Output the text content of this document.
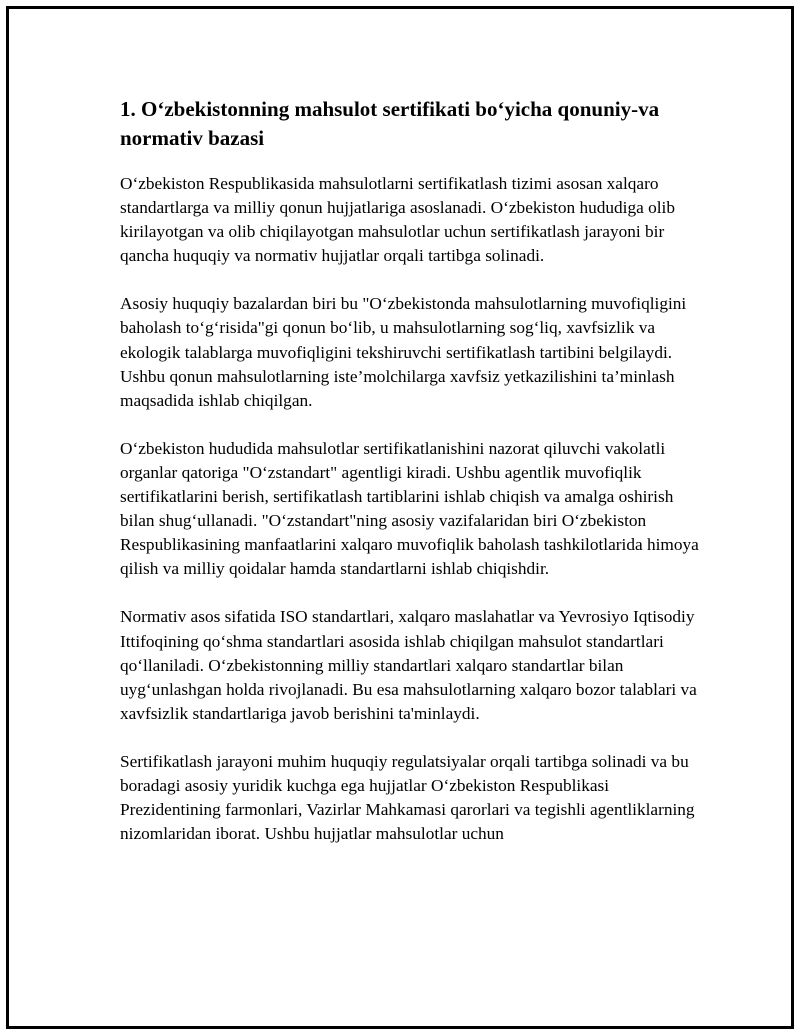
1. O‘zbekistonning mahsulot sertifikati bo‘yicha qonuniy-va normativ bazasi

O‘zbekiston Respublikasida mahsulotlarni sertifikatlash tizimi asosan xalqaro standartlarga va milliy qonun hujjatlariga asoslanadi. O‘zbekiston hududiga olib kirilayotgan va olib chiqilayotgan mahsulotlar uchun sertifikatlash jarayoni bir qancha huquqiy va normativ hujjatlar orqali tartibga solinadi.

Asosiy huquqiy bazalardan biri bu "O‘zbekistonda mahsulotlarning muvofiqligini baholash to‘g‘risida"gi qonun bo‘lib, u mahsulotlarning sog‘liq, xavfsizlik va ekologik talablarga muvofiqligini tekshiruvchi sertifikatlash tartibini belgilaydi. Ushbu qonun mahsulotlarning iste’molchilarga xavfsiz yetkazilishini ta’minlash maqsadida ishlab chiqilgan.

O‘zbekiston hududida mahsulotlar sertifikatlanishini nazorat qiluvchi vakolatli organlar qatoriga "O‘zstandart" agentligi kiradi. Ushbu agentlik muvofiqlik sertifikatlarini berish, sertifikatlash tartiblarini ishlab chiqish va amalga oshirish bilan shug‘ullanadi. "O‘zstandart"ning asosiy vazifalaridan biri O‘zbekiston Respublikasining manfaatlarini xalqaro muvofiqlik baholash tashkilotlarida himoya qilish va milliy qoidalar hamda standartlarni ishlab chiqishdir.

Normativ asos sifatida ISO standartlari, xalqaro maslahatlar va Yevrosiyo Iqtisodiy Ittifoqining qo‘shma standartlari asosida ishlab chiqilgan mahsulot standartlari qo‘llaniladi. O‘zbekistonning milliy standartlari xalqaro standartlar bilan uyg‘unlashgan holda rivojlanadi. Bu esa mahsulotlarning xalqaro bozor talablari va xavfsizlik standartlariga javob berishini ta'minlaydi.

Sertifikatlash jarayoni muhim huquqiy regulatsiyalar orqali tartibga solinadi va bu boradagi asosiy yuridik kuchga ega hujjatlar O‘zbekiston Respublikasi Prezidentining farmonlari, Vazirlar Mahkamasi qarorlari va tegishli agentliklarning nizomlaridan iborat. Ushbu hujjatlar mahsulotlar uchun
